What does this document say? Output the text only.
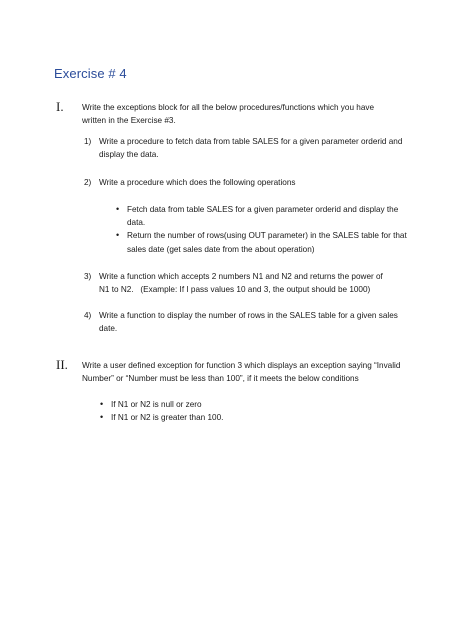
Exercise # 4
I. Write the exceptions block for all the below procedures/functions which you have
written in the Exercise #3.
1) Write a procedure to fetch data from table SALES for a given parameter orderid and
display the data.
2) Write a procedure which does the following operations
• Fetch data from table SALES for a given parameter orderid and display the
data.
• Return the number of rows(using OUT parameter) in the SALES table for that
sales date (get sales date from the about operation)
3) Write a function which accepts 2 numbers N1 and N2 and returns the power of
N1 to N2.   (Example: If I pass values 10 and 3, the output should be 1000)
4) Write a function to display the number of rows in the SALES table for a given sales
date.
II. Write a user defined exception for function 3 which displays an exception saying “Invalid
Number” or “Number must be less than 100”, if it meets the below conditions
• If N1 or N2 is null or zero
• If N1 or N2 is greater than 100.
